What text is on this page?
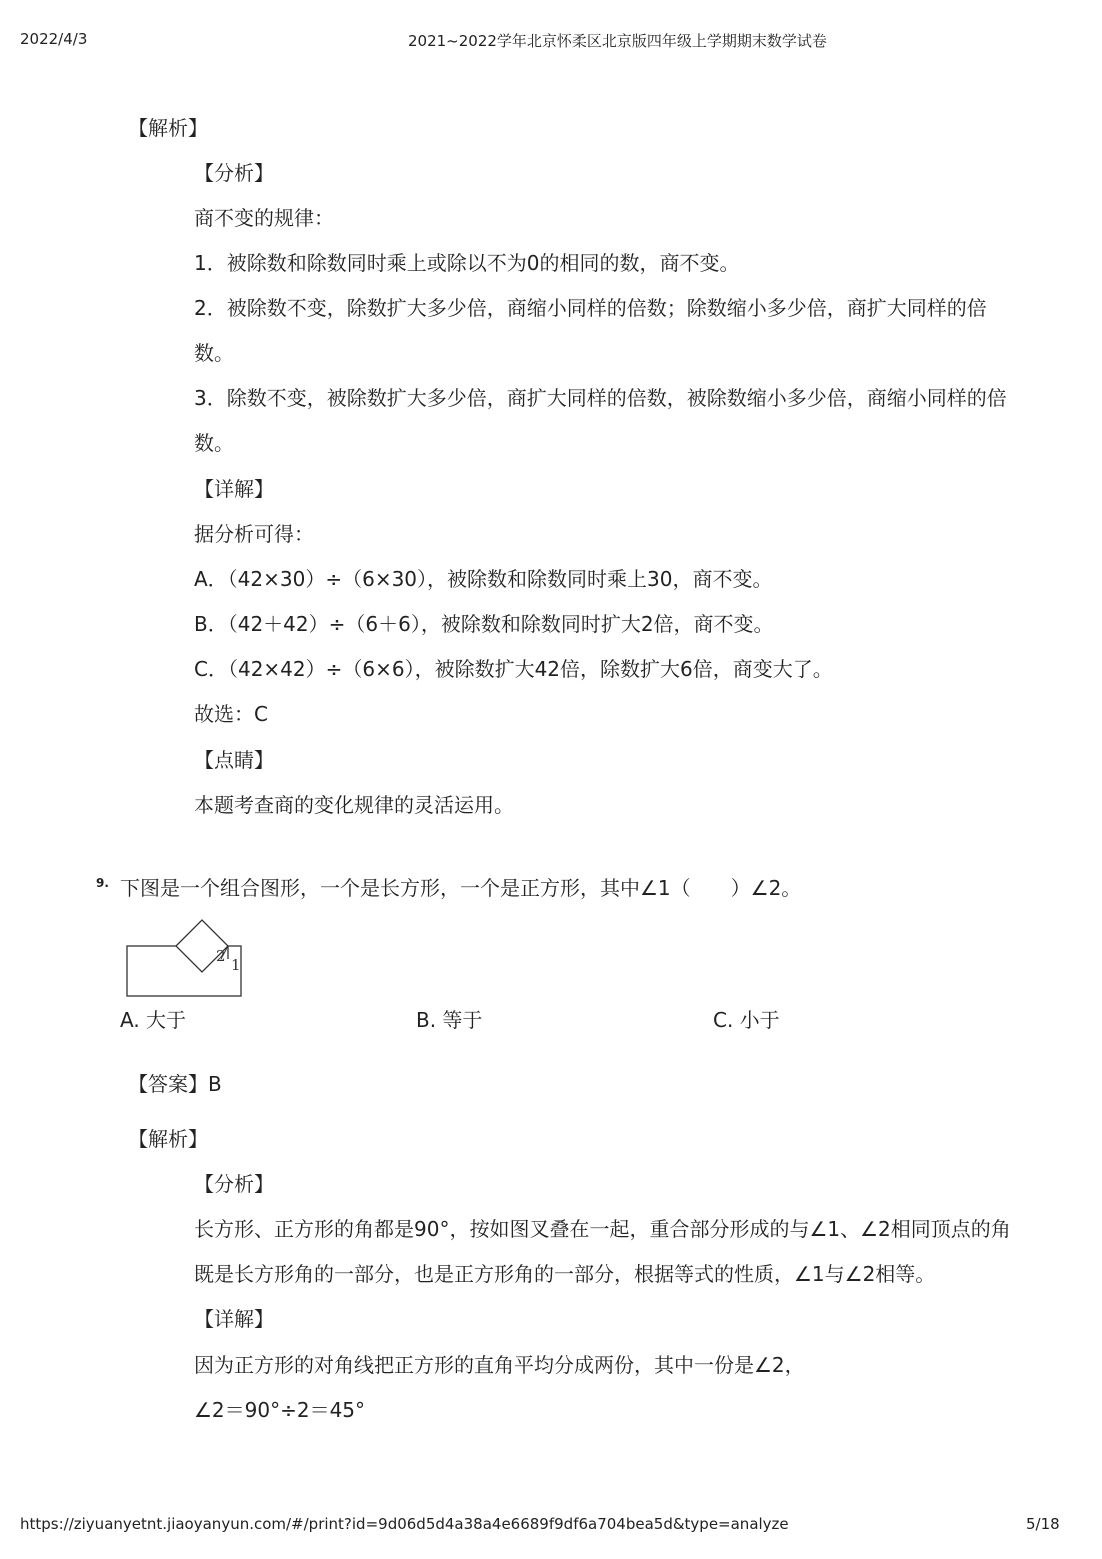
2022/4/3	2021~2022学年北京怀柔区北京版四年级上学期期末数学试卷
【解析】
【分析】
商不变的规律：
1．被除数和除数同时乘上或除以不为0的相同的数，商不变。
2．被除数不变，除数扩大多少倍，商缩小同样的倍数；除数缩小多少倍，商扩大同样的倍
数。
3．除数不变，被除数扩大多少倍，商扩大同样的倍数，被除数缩小多少倍，商缩小同样的倍
数。
【详解】
据分析可得：
A．（42×30）÷（6×30），被除数和除数同时乘上30，商不变。
B．（42＋42）÷（6＋6），被除数和除数同时扩大2倍，商不变。
C．（42×42）÷（6×6），被除数扩大42倍，除数扩大6倍，商变大了。
故选：C
【点睛】
本题考查商的变化规律的灵活运用。
9. 下图是一个组合图形，一个是长方形，一个是正方形，其中∠1（　　）∠2。
2 1
A. 大于	B. 等于	C. 小于
【答案】B
【解析】
【分析】
长方形、正方形的角都是90°，按如图叉叠在一起，重合部分形成的与∠1、∠2相同顶点的角
既是长方形角的一部分，也是正方形角的一部分，根据等式的性质，∠1与∠2相等。
【详解】
因为正方形的对角线把正方形的直角平均分成两份，其中一份是∠2，
∠2＝90°÷2＝45°
https://ziyuanyetnt.jiaoyanyun.com/#/print?id=9d06d5d4a38a4e6689f9df6a704bea5d&type=analyze	5/18
